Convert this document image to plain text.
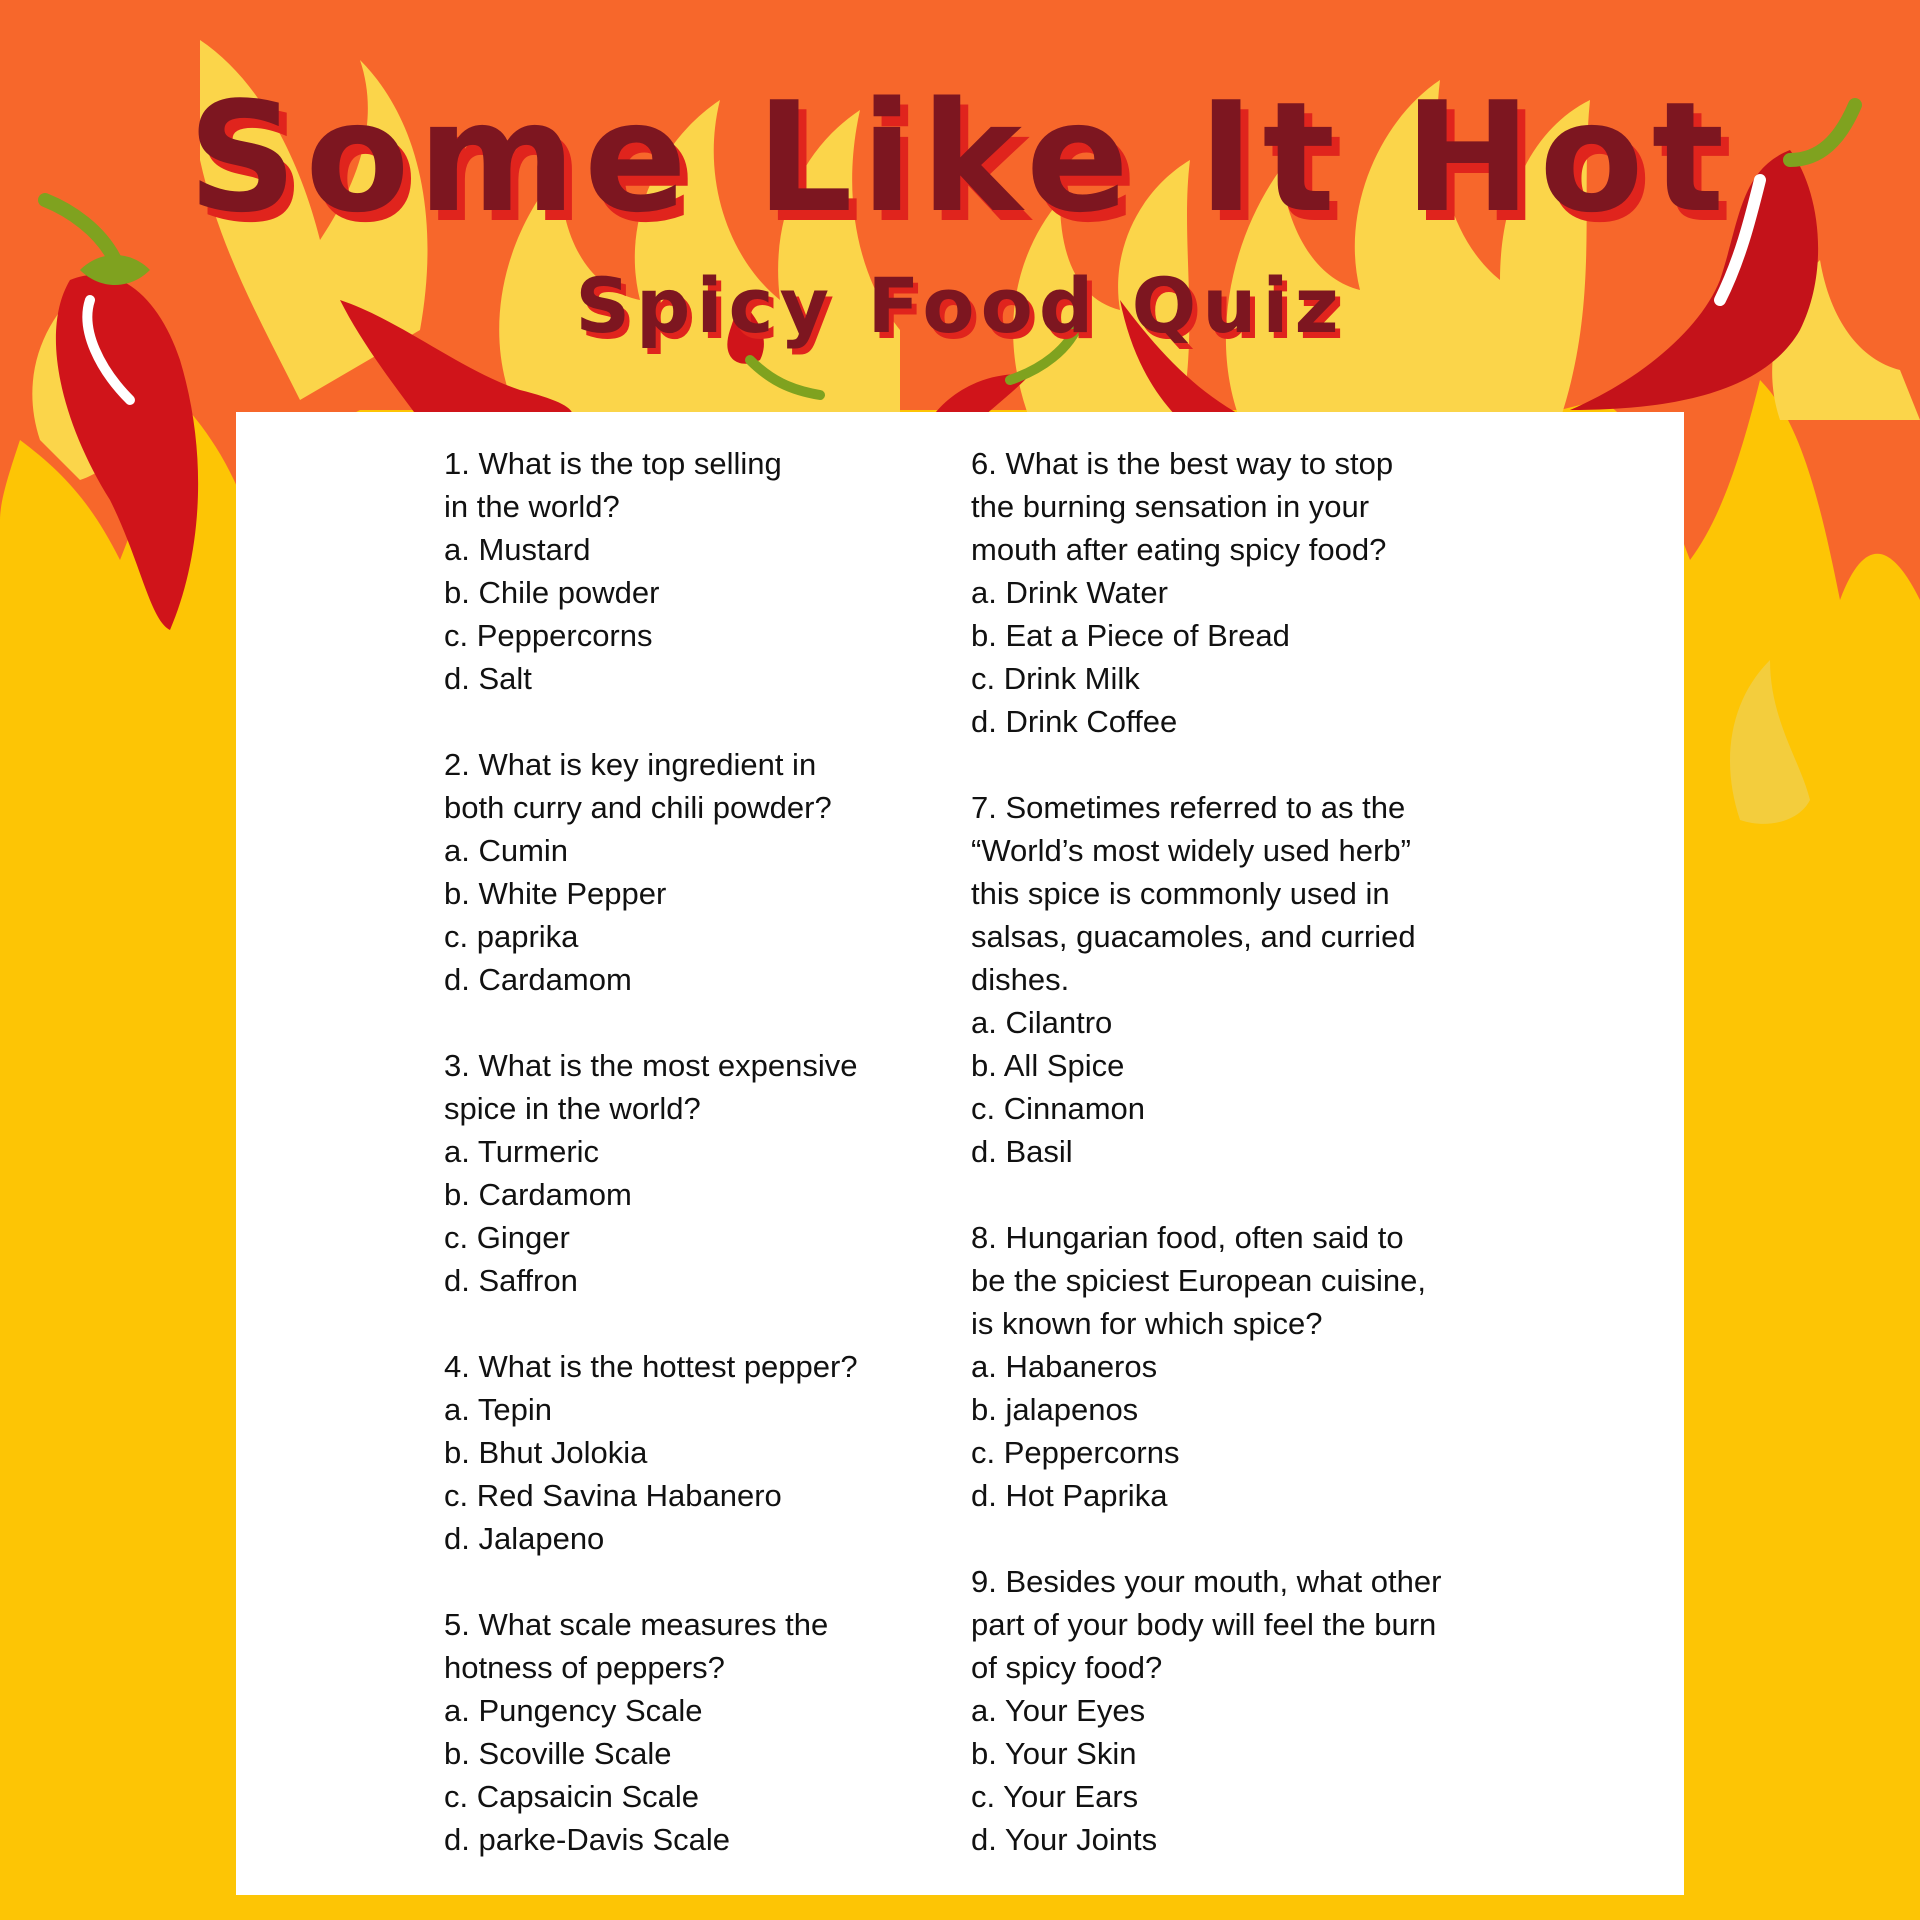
Some Like It Hot
Spicy Food Quiz
1. What is the top selling
in the world?
a. Mustard
b. Chile powder
c. Peppercorns
d. Salt
2. What is key ingredient in
both curry and chili powder?
a. Cumin
b. White Pepper
c. paprika
d. Cardamom
3. What is the most expensive
spice in the world?
a. Turmeric
b. Cardamom
c. Ginger
d. Saffron
4. What is the hottest pepper?
a. Tepin
b. Bhut Jolokia
c. Red Savina Habanero
d. Jalapeno
5. What scale measures the
hotness of peppers?
a. Pungency Scale
b. Scoville Scale
c. Capsaicin Scale
d. parke-Davis Scale
6. What is the best way to stop
the burning sensation in your
mouth after eating spicy food?
a. Drink Water
b. Eat a Piece of Bread
c. Drink Milk
d. Drink Coffee
7. Sometimes referred to as the
“World’s most widely used herb”
this spice is commonly used in
salsas, guacamoles, and curried
dishes.
a. Cilantro
b. All Spice
c. Cinnamon
d. Basil
8. Hungarian food, often said to
be the spiciest European cuisine,
is known for which spice?
a. Habaneros
b. jalapenos
c. Peppercorns
d. Hot Paprika
9. Besides your mouth, what other
part of your body will feel the burn
of spicy food?
a. Your Eyes
b. Your Skin
c. Your Ears
d. Your Joints
